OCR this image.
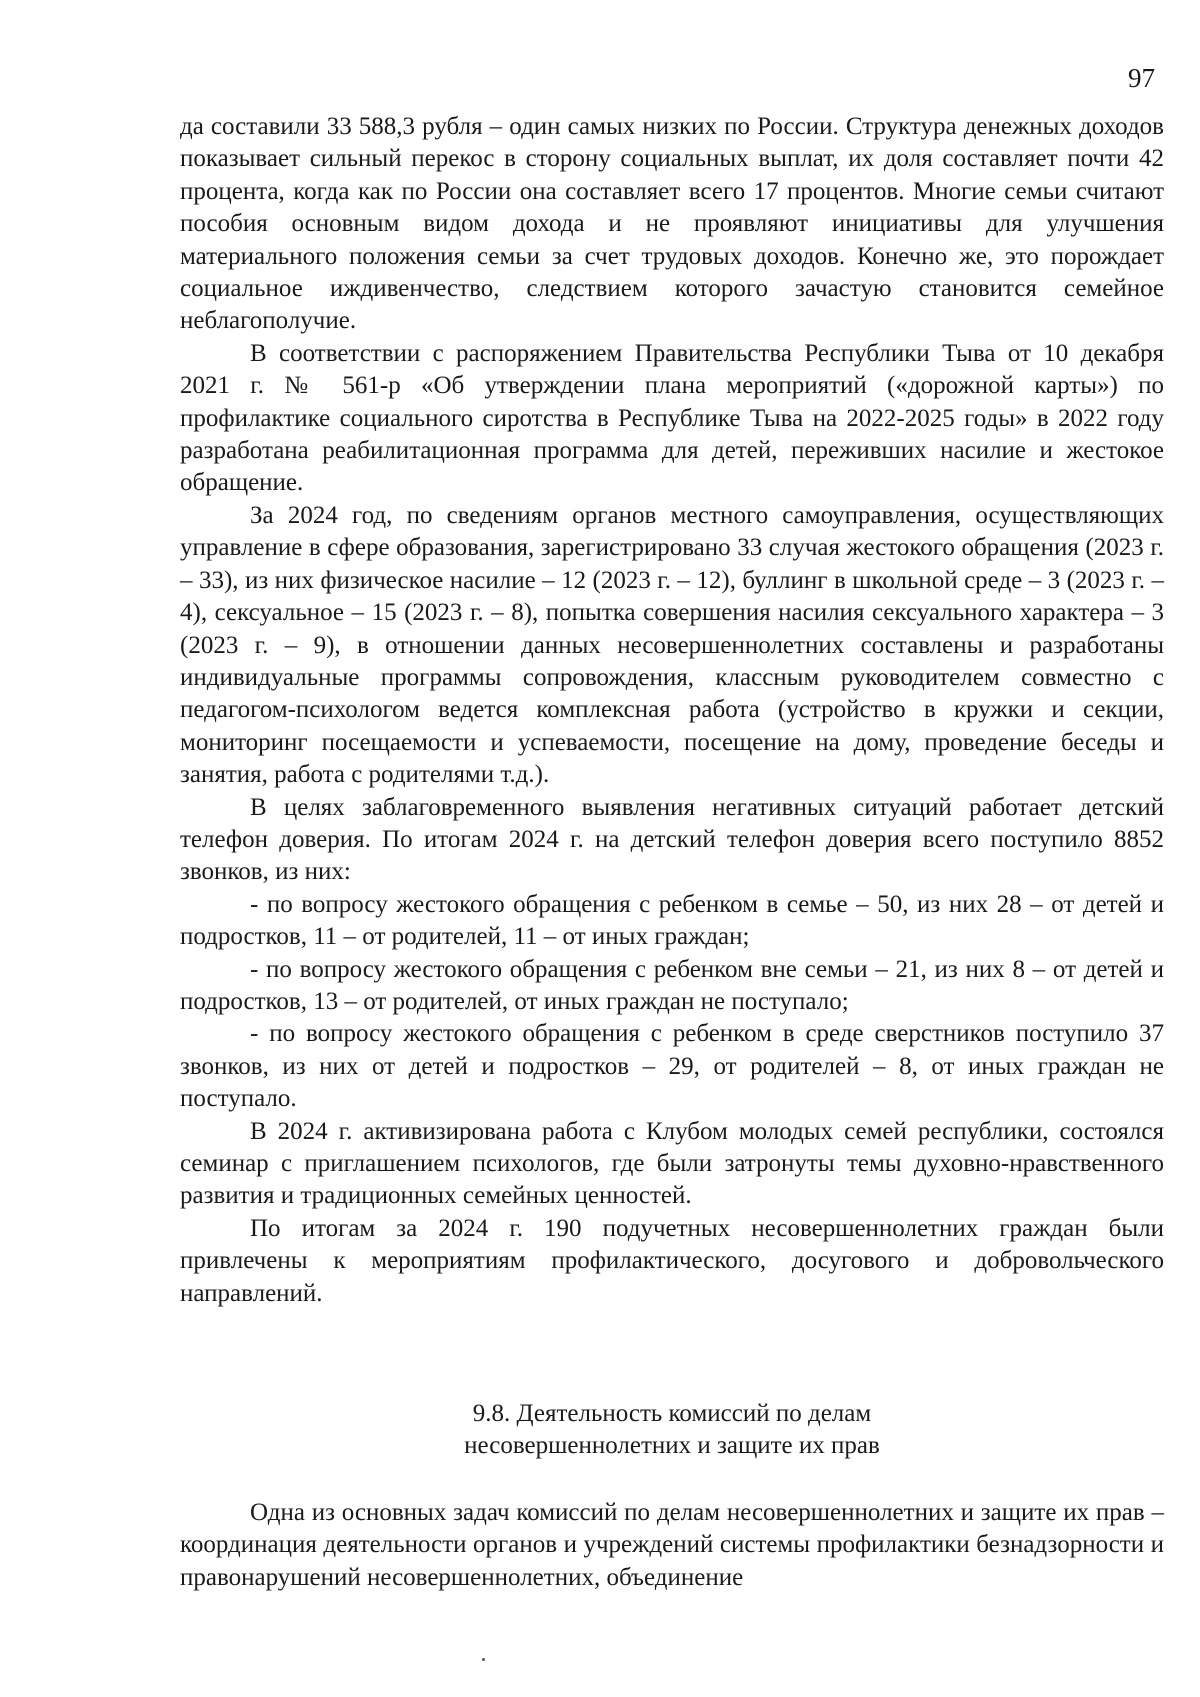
97

да составили 33 588,3 рубля – один самых низких по России. Структура денежных доходов показывает сильный перекос в сторону социальных выплат, их доля составляет почти 42 процента, когда как по России она составляет всего 17 процентов. Многие семьи считают пособия основным видом дохода и не проявляют инициативы для улучшения материального положения семьи за счет трудовых доходов. Конечно же, это порождает социальное иждивенчество, следствием которого зачастую становится семейное неблагополучие.

В соответствии с распоряжением Правительства Республики Тыва от 10 декабря 2021 г. № 561-р «Об утверждении плана мероприятий («дорожной карты») по профилактике социального сиротства в Республике Тыва на 2022-2025 годы» в 2022 году разработана реабилитационная программа для детей, переживших насилие и жестокое обращение.

За 2024 год, по сведениям органов местного самоуправления, осуществляющих управление в сфере образования, зарегистрировано 33 случая жестокого обращения (2023 г. – 33), из них физическое насилие – 12 (2023 г. – 12), буллинг в школьной среде – 3 (2023 г. – 4), сексуальное – 15 (2023 г. – 8), попытка совершения насилия сексуального характера – 3 (2023 г. – 9), в отношении данных несовершеннолетних составлены и разработаны индивидуальные программы сопровождения, классным руководителем совместно с педагогом-психологом ведется комплексная работа (устройство в кружки и секции, мониторинг посещаемости и успеваемости, посещение на дому, проведение беседы и занятия, работа с родителями т.д.).

В целях заблаговременного выявления негативных ситуаций работает детский телефон доверия. По итогам 2024 г. на детский телефон доверия всего поступило 8852 звонков, из них:

- по вопросу жестокого обращения с ребенком в семье – 50, из них 28 – от детей и подростков, 11 – от родителей, 11 – от иных граждан;

- по вопросу жестокого обращения с ребенком вне семьи – 21, из них 8 – от детей и подростков, 13 – от родителей, от иных граждан не поступало;

- по вопросу жестокого обращения с ребенком в среде сверстников поступило 37 звонков, из них от детей и подростков – 29, от родителей – 8, от иных граждан не поступало.

В 2024 г. активизирована работа с Клубом молодых семей республики, состоялся семинар с приглашением психологов, где были затронуты темы духовно-нравственного развития и традиционных семейных ценностей.

По итогам за 2024 г. 190 подучетных несовершеннолетних граждан были привлечены к мероприятиям профилактического, досугового и добровольческого направлений.

9.8. Деятельность комиссий по делам
несовершеннолетних и защите их прав

Одна из основных задач комиссий по делам несовершеннолетних и защите их прав – координация деятельности органов и учреждений системы профилактики безнадзорности и правонарушений несовершеннолетних, объединение
